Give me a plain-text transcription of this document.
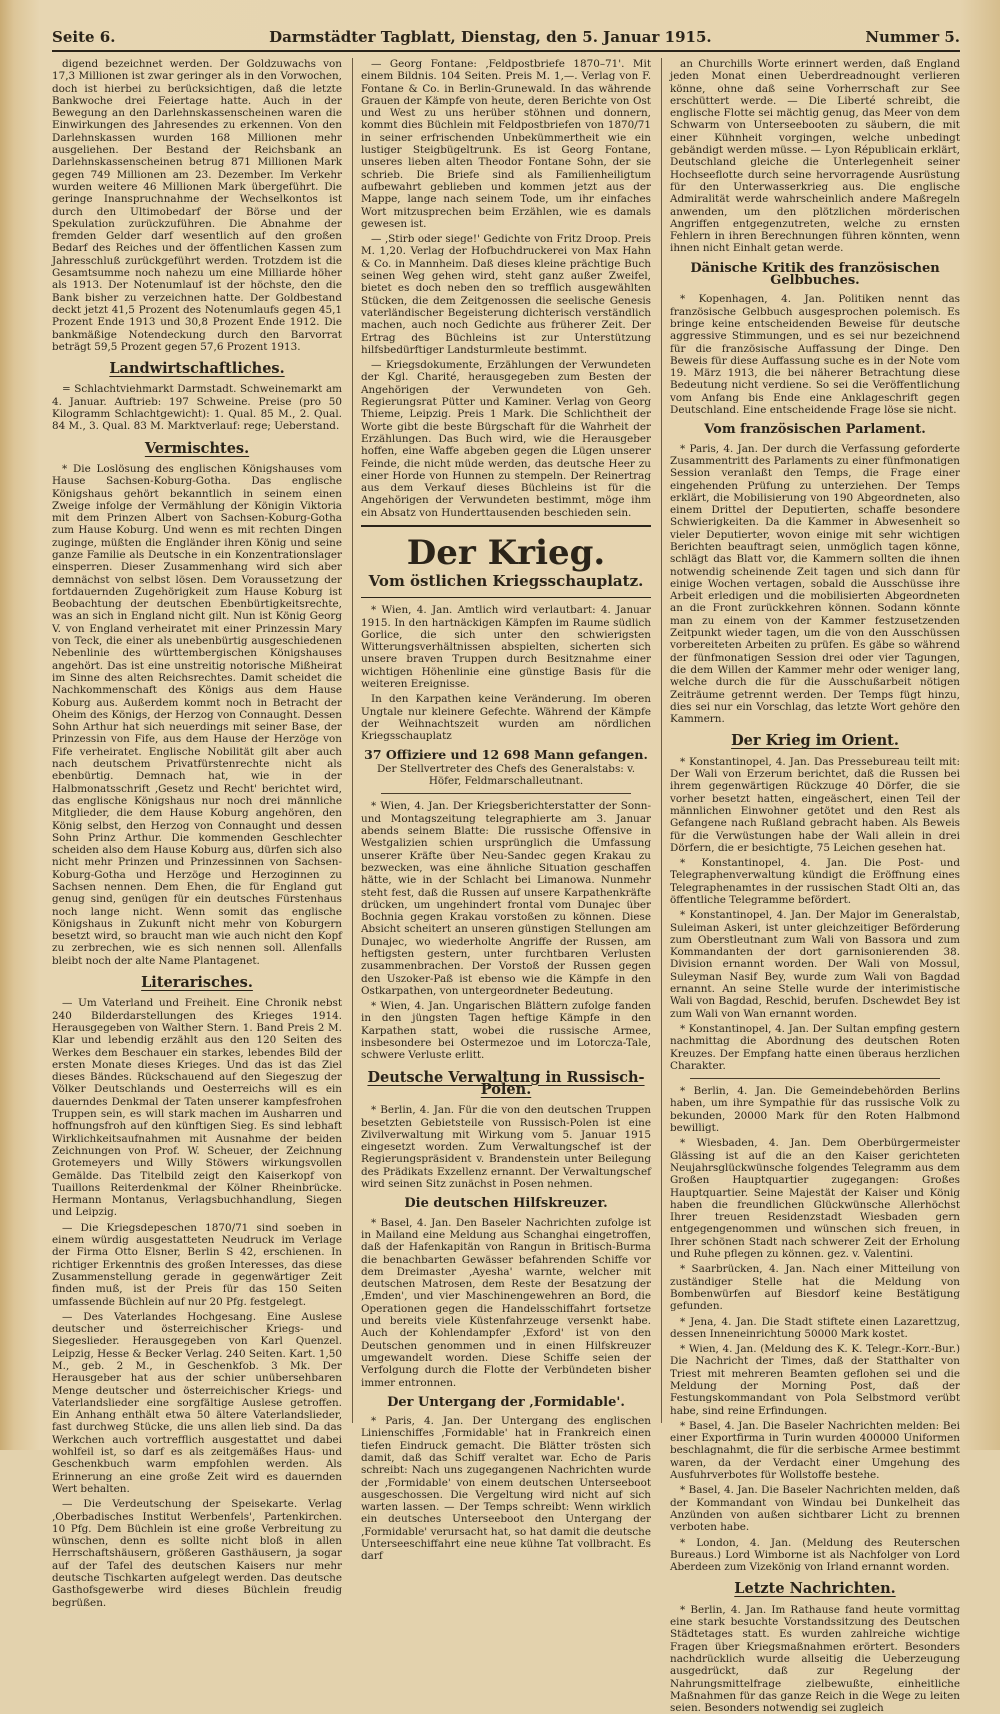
Seite 6.	Darmstädter Tagblatt, Dienstag, den 5. Januar 1915.	Nummer 5.

digend bezeichnet werden. Der Goldzuwachs von 17,3 Millionen ist zwar geringer als in den Vorwochen, doch ist hierbei zu berücksichtigen, daß die letzte Bankwoche drei Feiertage hatte. Auch in der Bewegung an den Darlehnskassenscheinen waren die Einwirkungen des Jahresendes zu erkennen. Von den Darlehnskassen wurden 168 Millionen mehr ausgeliehen. Der Bestand der Reichsbank an Darlehnskassenscheinen betrug 871 Millionen Mark gegen 749 Millionen am 23. Dezember. Im Verkehr wurden weitere 46 Millionen Mark übergeführt. Die geringe Inanspruchnahme der Wechselkontos ist durch den Ultimobedarf der Börse und der Spekulation zurückzuführen. Die Abnahme der fremden Gelder darf wesentlich auf den großen Bedarf des Reiches und der öffentlichen Kassen zum Jahresschluß zurückgeführt werden. Trotzdem ist die Gesamtsumme noch nahezu um eine Milliarde höher als 1913. Der Notenumlauf ist der höchste, den die Bank bisher zu verzeichnen hatte. Der Goldbestand deckt jetzt 41,5 Prozent des Notenumlaufs gegen 45,1 Prozent Ende 1913 und 30,8 Prozent Ende 1912. Die bankmäßige Notendeckung durch den Barvorrat beträgt 59,5 Prozent gegen 57,6 Prozent 1913.

Landwirtschaftliches.

= Schlachtviehmarkt Darmstadt. Schweinemarkt am 4. Januar. Auftrieb: 197 Schweine. Preise (pro 50 Kilogramm Schlachtgewicht): 1. Qual. 85 M., 2. Qual. 84 M., 3. Qual. 83 M. Marktverlauf: rege; Ueberstand.

Vermischtes.

* Die Loslösung des englischen Königshauses vom Hause Sachsen-Koburg-Gotha. Das englische Königshaus gehört bekanntlich in seinem einen Zweige infolge der Vermählung der Königin Viktoria mit dem Prinzen Albert von Sachsen-Koburg-Gotha zum Hause Koburg. Und wenn es mit rechten Dingen zuginge, müßten die Engländer ihren König und seine ganze Familie als Deutsche in ein Konzentrationslager einsperren. Dieser Zusammenhang wird sich aber demnächst von selbst lösen. Dem Voraussetzung der fortdauernden Zugehörigkeit zum Hause Koburg ist Beobachtung der deutschen Ebenbürtigkeitsrechte, was an sich in England nicht gilt. Nun ist König Georg V. von England verheiratet mit einer Prinzessin Mary von Teck, die einer als unebenbürtig ausgeschiedenen Nebenlinie des württembergischen Königshauses angehört. Das ist eine unstreitig notorische Mißheirat im Sinne des alten Reichsrechtes. Damit scheidet die Nachkommenschaft des Königs aus dem Hause Koburg aus. Außerdem kommt noch in Betracht der Oheim des Königs, der Herzog von Connaught. Dessen Sohn Arthur hat sich neuerdings mit seiner Base, der Prinzessin von Fife, aus dem Hause der Herzöge von Fife verheiratet. Englische Nobilität gilt aber auch nach deutschem Privatfürstenrechte nicht als ebenbürtig. Demnach hat, wie in der Halbmonatsschrift ‚Gesetz und Recht' berichtet wird, das englische Königshaus nur noch drei männliche Mitglieder, die dem Hause Koburg angehören, den König selbst, den Herzog von Connaught und dessen Sohn Prinz Arthur. Die kommenden Geschlechter scheiden also dem Hause Koburg aus, dürfen sich also nicht mehr Prinzen und Prinzessinnen von Sachsen-Koburg-Gotha und Herzöge und Herzoginnen zu Sachsen nennen. Dem Ehen, die für England gut genug sind, genügen für ein deutsches Fürstenhaus noch lange nicht. Wenn somit das englische Königshaus in Zukunft nicht mehr von Koburgern besetzt wird, so braucht man wie auch nicht den Kopf zu zerbrechen, wie es sich nennen soll. Allenfalls bleibt noch der alte Name Plantagenet.

Literarisches.

— Um Vaterland und Freiheit. Eine Chronik nebst 240 Bilderdarstellungen des Krieges 1914. Herausgegeben von Walther Stern. 1. Band Preis 2 M. Klar und lebendig erzählt aus den 120 Seiten des Werkes dem Beschauer ein starkes, lebendes Bild der ersten Monate dieses Krieges. Und das ist das Ziel dieses Bändes. Rückschauend auf den Siegeszug der Völker Deutschlands und Oesterreichs will es ein dauerndes Denkmal der Taten unserer kampfesfrohen Truppen sein, es will stark machen im Ausharren und hoffnungsfroh auf den künftigen Sieg. Es sind lebhaft Wirklichkeitsaufnahmen mit Ausnahme der beiden Zeichnungen von Prof. W. Scheuer, der Zeichnung Grotemeyers und Willy Stöwers wirkungsvollen Gemälde. Das Titelbild zeigt den Kaiserkopf von Tuaillons Reiterdenkmal der Kölner Rheinbrücke. Hermann Montanus, Verlagsbuchhandlung, Siegen und Leipzig.

— Die Kriegsdepeschen 1870/71 sind soeben in einem würdig ausgestatteten Neudruck im Verlage der Firma Otto Elsner, Berlin S 42, erschienen. In richtiger Erkenntnis des großen Interesses, das diese Zusammenstellung gerade in gegenwärtiger Zeit finden muß, ist der Preis für das 150 Seiten umfassende Büchlein auf nur 20 Pfg. festgelegt.

— Des Vaterlandes Hochgesang. Eine Auslese deutscher und österreichischer Kriegs- und Siegeslieder. Herausgegeben von Karl Quenzel. Leipzig, Hesse & Becker Verlag. 240 Seiten. Kart. 1,50 M., geb. 2 M., in Geschenkfob. 3 Mk. Der Herausgeber hat aus der schier unübersehbaren Menge deutscher und österreichischer Kriegs- und Vaterlandslieder eine sorgfältige Auslese getroffen. Ein Anhang enthält etwa 50 ältere Vaterlandslieder, fast durchweg Stücke, die uns allen lieb sind. Da das Werkchen auch vortrefflich ausgestattet und dabei wohlfeil ist, so darf es als zeitgemäßes Haus- und Geschenkbuch warm empfohlen werden. Als Erinnerung an eine große Zeit wird es dauernden Wert behalten.

— Die Verdeutschung der Speisekarte. Verlag ‚Oberbadisches Institut Werbenfels', Partenkirchen. 10 Pfg. Dem Büchlein ist eine große Verbreitung zu wünschen, denn es sollte nicht bloß in allen Herrschaftshäusern, größeren Gasthäusern, ja sogar auf der Tafel des deutschen Kaisers nur mehr deutsche Tischkarten aufgelegt werden. Das deutsche Gasthofsgewerbe wird dieses Büchlein freudig begrüßen.

— Georg Fontane: ‚Feldpostbriefe 1870–71'. Mit einem Bildnis. 104 Seiten. Preis M. 1,—. Verlag von F. Fontane & Co. in Berlin-Grunewald. In das währende Grauen der Kämpfe von heute, deren Berichte von Ost und West zu uns herüber stöhnen und donnern, kommt dies Büchlein mit Feldpostbriefen von 1870/71 in seiner erfrischenden Unbekümmertheit wie ein lustiger Steigbügeltrunk. Es ist Georg Fontane, unseres lieben alten Theodor Fontane Sohn, der sie schrieb. Die Briefe sind als Familienheiligtum aufbewahrt geblieben und kommen jetzt aus der Mappe, lange nach seinem Tode, um ihr einfaches Wort mitzusprechen beim Erzählen, wie es damals gewesen ist.

— ‚Stirb oder siege!' Gedichte von Fritz Droop. Preis M. 1,20. Verlag der Hofbuchdruckerei von Max Hahn & Co. in Mannheim. Daß dieses kleine prächtige Buch seinen Weg gehen wird, steht ganz außer Zweifel, bietet es doch neben den so trefflich ausgewählten Stücken, die dem Zeitgenossen die seelische Genesis vaterländischer Begeisterung dichterisch verständlich machen, auch noch Gedichte aus früherer Zeit. Der Ertrag des Büchleins ist zur Unterstützung hilfsbedürftiger Landsturmleute bestimmt.

— Kriegsdokumente, Erzählungen der Verwundeten der Kgl. Charité, herausgegeben zum Besten der Angehörigen der Verwundeten von Geh. Regierungsrat Pütter und Kaminer. Verlag von Georg Thieme, Leipzig. Preis 1 Mark. Die Schlichtheit der Worte gibt die beste Bürgschaft für die Wahrheit der Erzählungen. Das Buch wird, wie die Herausgeber hoffen, eine Waffe abgeben gegen die Lügen unserer Feinde, die nicht müde werden, das deutsche Heer zu einer Horde von Hunnen zu stempeln. Der Reinertrag aus dem Verkauf dieses Büchleins ist für die Angehörigen der Verwundeten bestimmt, möge ihm ein Absatz von Hunderttausenden beschieden sein.

Der Krieg.
Vom östlichen Kriegsschauplatz.

* Wien, 4. Jan. Amtlich wird verlautbart: 4. Januar 1915. In den hartnäckigen Kämpfen im Raume südlich Gorlice, die sich unter den schwierigsten Witterungsverhältnissen abspielten, sicherten sich unsere braven Truppen durch Besitznahme einer wichtigen Höhenlinie eine günstige Basis für die weiteren Ereignisse.

In den Karpathen keine Veränderung. Im oberen Ungtale nur kleinere Gefechte. Während der Kämpfe der Weihnachtszeit wurden am nördlichen Kriegsschauplatz

37 Offiziere und 12 698 Mann gefangen.

Der Stellvertreter des Chefs des Generalstabs: v. Höfer, Feldmarschalleutnant.

* Wien, 4. Jan. Der Kriegsberichterstatter der Sonn- und Montagszeitung telegraphierte am 3. Januar abends seinem Blatte: Die russische Offensive in Westgalizien schien ursprünglich die Umfassung unserer Kräfte über Neu-Sandec gegen Krakau zu bezwecken, was eine ähnliche Situation geschaffen hätte, wie in der Schlacht bei Limanowa. Nunmehr steht fest, daß die Russen auf unsere Karpathenkräfte drücken, um ungehindert frontal vom Dunajec über Bochnia gegen Krakau vorstoßen zu können. Diese Absicht scheitert an unseren günstigen Stellungen am Dunajec, wo wiederholte Angriffe der Russen, am heftigsten gestern, unter furchtbaren Verlusten zusammenbrachen. Der Vorstoß der Russen gegen den Uszoker-Paß ist ebenso wie die Kämpfe in den Ostkarpathen, von untergeordneter Bedeutung.

* Wien, 4. Jan. Ungarischen Blättern zufolge fanden in den jüngsten Tagen heftige Kämpfe in den Karpathen statt, wobei die russische Armee, insbesondere bei Ostermezoe und im Lotorcza-Tale, schwere Verluste erlitt.

Deutsche Verwaltung in Russisch-Polen.

* Berlin, 4. Jan. Für die von den deutschen Truppen besetzten Gebietsteile von Russisch-Polen ist eine Zivilverwaltung mit Wirkung vom 5. Januar 1915 eingesetzt worden. Zum Verwaltungschef ist der Regierungspräsident v. Brandenstein unter Beilegung des Prädikats Exzellenz ernannt. Der Verwaltungschef wird seinen Sitz zunächst in Posen nehmen.

Die deutschen Hilfskreuzer.

* Basel, 4. Jan. Den Baseler Nachrichten zufolge ist in Mailand eine Meldung aus Schanghai eingetroffen, daß der Hafenkapitän von Rangun in Britisch-Burma die benachbarten Gewässer befahrenden Schiffe vor dem Dreimaster ‚Ayesha' warnte, welcher mit deutschen Matrosen, dem Reste der Besatzung der ‚Emden', und vier Maschinengewehren an Bord, die Operationen gegen die Handelsschiffahrt fortsetze und bereits viele Küstenfahrzeuge versenkt habe. Auch der Kohlendampfer ‚Exford' ist von den Deutschen genommen und in einen Hilfskreuzer umgewandelt worden. Diese Schiffe seien der Verfolgung durch die Flotte der Verbündeten bisher immer entronnen.

Der Untergang der ‚Formidable'.

* Paris, 4. Jan. Der Untergang des englischen Linienschiffes ‚Formidable' hat in Frankreich einen tiefen Eindruck gemacht. Die Blätter trösten sich damit, daß das Schiff veraltet war. Echo de Paris schreibt: Nach uns zugegangenen Nachrichten wurde der ‚Formidable' von einem deutschen Unterseeboot ausgeschossen. Die Vergeltung wird nicht auf sich warten lassen. — Der Temps schreibt: Wenn wirklich ein deutsches Unterseeboot den Untergang der ‚Formidable' verursacht hat, so hat damit die deutsche Unterseeschiffahrt eine neue kühne Tat vollbracht. Es darf

an Churchills Worte erinnert werden, daß England jeden Monat einen Ueberdreadnought verlieren könne, ohne daß seine Vorherrschaft zur See erschüttert werde. — Die Liberté schreibt, die englische Flotte sei mächtig genug, das Meer von dem Schwarm von Unterseebooten zu säubern, die mit einer Kühnheit vorgingen, welche unbedingt gebändigt werden müsse. — Lyon Républicain erklärt, Deutschland gleiche die Unterlegenheit seiner Hochseeflotte durch seine hervorragende Ausrüstung für den Unterwasserkrieg aus. Die englische Admiralität werde wahrscheinlich andere Maßregeln anwenden, um den plötzlichen mörderischen Angriffen entgegenzutreten, welche zu ernsten Fehlern in ihren Berechnungen führen könnten, wenn ihnen nicht Einhalt getan werde.

Dänische Kritik des französischen Gelbbuches.

* Kopenhagen, 4. Jan. Politiken nennt das französische Gelbbuch ausgesprochen polemisch. Es bringe keine entscheidenden Beweise für deutsche aggressive Stimmungen, und es sei nur bezeichnend für die französische Auffassung der Dinge. Den Beweis für diese Auffassung suche es in der Note vom 19. März 1913, die bei näherer Betrachtung diese Bedeutung nicht verdiene. So sei die Veröffentlichung vom Anfang bis Ende eine Anklageschrift gegen Deutschland. Eine entscheidende Frage löse sie nicht.

Vom französischen Parlament.

* Paris, 4. Jan. Der durch die Verfassung geforderte Zusammentritt des Parlaments zu einer fünfmonatigen Session veranlaßt den Temps, die Frage einer eingehenden Prüfung zu unterziehen. Der Temps erklärt, die Mobilisierung von 190 Abgeordneten, also einem Drittel der Deputierten, schaffe besondere Schwierigkeiten. Da die Kammer in Abwesenheit so vieler Deputierter, wovon einige mit sehr wichtigen Berichten beauftragt seien, unmöglich tagen könne, schlägt das Blatt vor, die Kammern sollten die ihnen notwendig scheinende Zeit tagen und sich dann für einige Wochen vertagen, sobald die Ausschüsse ihre Arbeit erledigen und die mobilisierten Abgeordneten an die Front zurückkehren können. Sodann könnte man zu einem von der Kammer festzusetzenden Zeitpunkt wieder tagen, um die von den Ausschüssen vorbereiteten Arbeiten zu prüfen. Es gäbe so während der fünfmonatigen Session drei oder vier Tagungen, die dem Willen der Kammer mehr oder weniger lang, welche durch die für die Ausschußarbeit nötigen Zeiträume getrennt werden. Der Temps fügt hinzu, dies sei nur ein Vorschlag, das letzte Wort gehöre den Kammern.

Der Krieg im Orient.

* Konstantinopel, 4. Jan. Das Pressebureau teilt mit: Der Wali von Erzerum berichtet, daß die Russen bei ihrem gegenwärtigen Rückzuge 40 Dörfer, die sie vorher besetzt hatten, eingeäschert, einen Teil der männlichen Einwohner getötet und den Rest als Gefangene nach Rußland gebracht haben. Als Beweis für die Verwüstungen habe der Wali allein in drei Dörfern, die er besichtigte, 75 Leichen gesehen hat.

* Konstantinopel, 4. Jan. Die Post- und Telegraphenverwaltung kündigt die Eröffnung eines Telegraphenamtes in der russischen Stadt Olti an, das öffentliche Telegramme befördert.

* Konstantinopel, 4. Jan. Der Major im Generalstab, Suleiman Askeri, ist unter gleichzeitiger Beförderung zum Oberstleutnant zum Wali von Bassora und zum Kommandanten der dort garnisonierenden 38. Division ernannt worden. Der Wali von Mossul, Suleyman Nasif Bey, wurde zum Wali von Bagdad ernannt. An seine Stelle wurde der interimistische Wali von Bagdad, Reschid, berufen. Dschewdet Bey ist zum Wali von Wan ernannt worden.

* Konstantinopel, 4. Jan. Der Sultan empfing gestern nachmittag die Abordnung des deutschen Roten Kreuzes. Der Empfang hatte einen überaus herzlichen Charakter.

* Berlin, 4. Jan. Die Gemeindebehörden Berlins haben, um ihre Sympathie für das russische Volk zu bekunden, 20000 Mark für den Roten Halbmond bewilligt.

* Wiesbaden, 4. Jan. Dem Oberbürgermeister Glässing ist auf die an den Kaiser gerichteten Neujahrsglückwünsche folgendes Telegramm aus dem Großen Hauptquartier zugegangen: Großes Hauptquartier. Seine Majestät der Kaiser und König haben die freundlichen Glückwünsche Allerhöchst Ihrer treuen Residenzstadt Wiesbaden gern entgegengenommen und wünschen sich freuen, in Ihrer schönen Stadt nach schwerer Zeit der Erholung und Ruhe pflegen zu können. gez. v. Valentini.

* Saarbrücken, 4. Jan. Nach einer Mitteilung von zuständiger Stelle hat die Meldung von Bombenwürfen auf Biesdorf keine Bestätigung gefunden.

* Jena, 4. Jan. Die Stadt stiftete einen Lazarettzug, dessen Inneneinrichtung 50000 Mark kostet.

* Wien, 4. Jan. (Meldung des K. K. Telegr.-Korr.-Bur.) Die Nachricht der Times, daß der Statthalter von Triest mit mehreren Beamten geflohen sei und die Meldung der Morning Post, daß der Festungskommandant von Pola Selbstmord verübt habe, sind reine Erfindungen.

* Basel, 4. Jan. Die Baseler Nachrichten melden: Bei einer Exportfirma in Turin wurden 400000 Uniformen beschlagnahmt, die für die serbische Armee bestimmt waren, da der Verdacht einer Umgehung des Ausfuhrverbotes für Wollstoffe bestehe.

* Basel, 4. Jan. Die Baseler Nachrichten melden, daß der Kommandant von Windau bei Dunkelheit das Anzünden von außen sichtbarer Licht zu brennen verboten habe.

* London, 4. Jan. (Meldung des Reuterschen Bureaus.) Lord Wimborne ist als Nachfolger von Lord Aberdeen zum Vizekönig von Irland ernannt worden.

Letzte Nachrichten.

* Berlin, 4. Jan. Im Rathause fand heute vormittag eine stark besuchte Vorstandssitzung des Deutschen Städtetages statt. Es wurden zahlreiche wichtige Fragen über Kriegsmaßnahmen erörtert. Besonders nachdrücklich wurde allseitig die Ueberzeugung ausgedrückt, daß zur Regelung der Nahrungsmittelfrage zielbewußte, einheitliche Maßnahmen für das ganze Reich in die Wege zu leiten seien. Besonders notwendig sei zugleich
